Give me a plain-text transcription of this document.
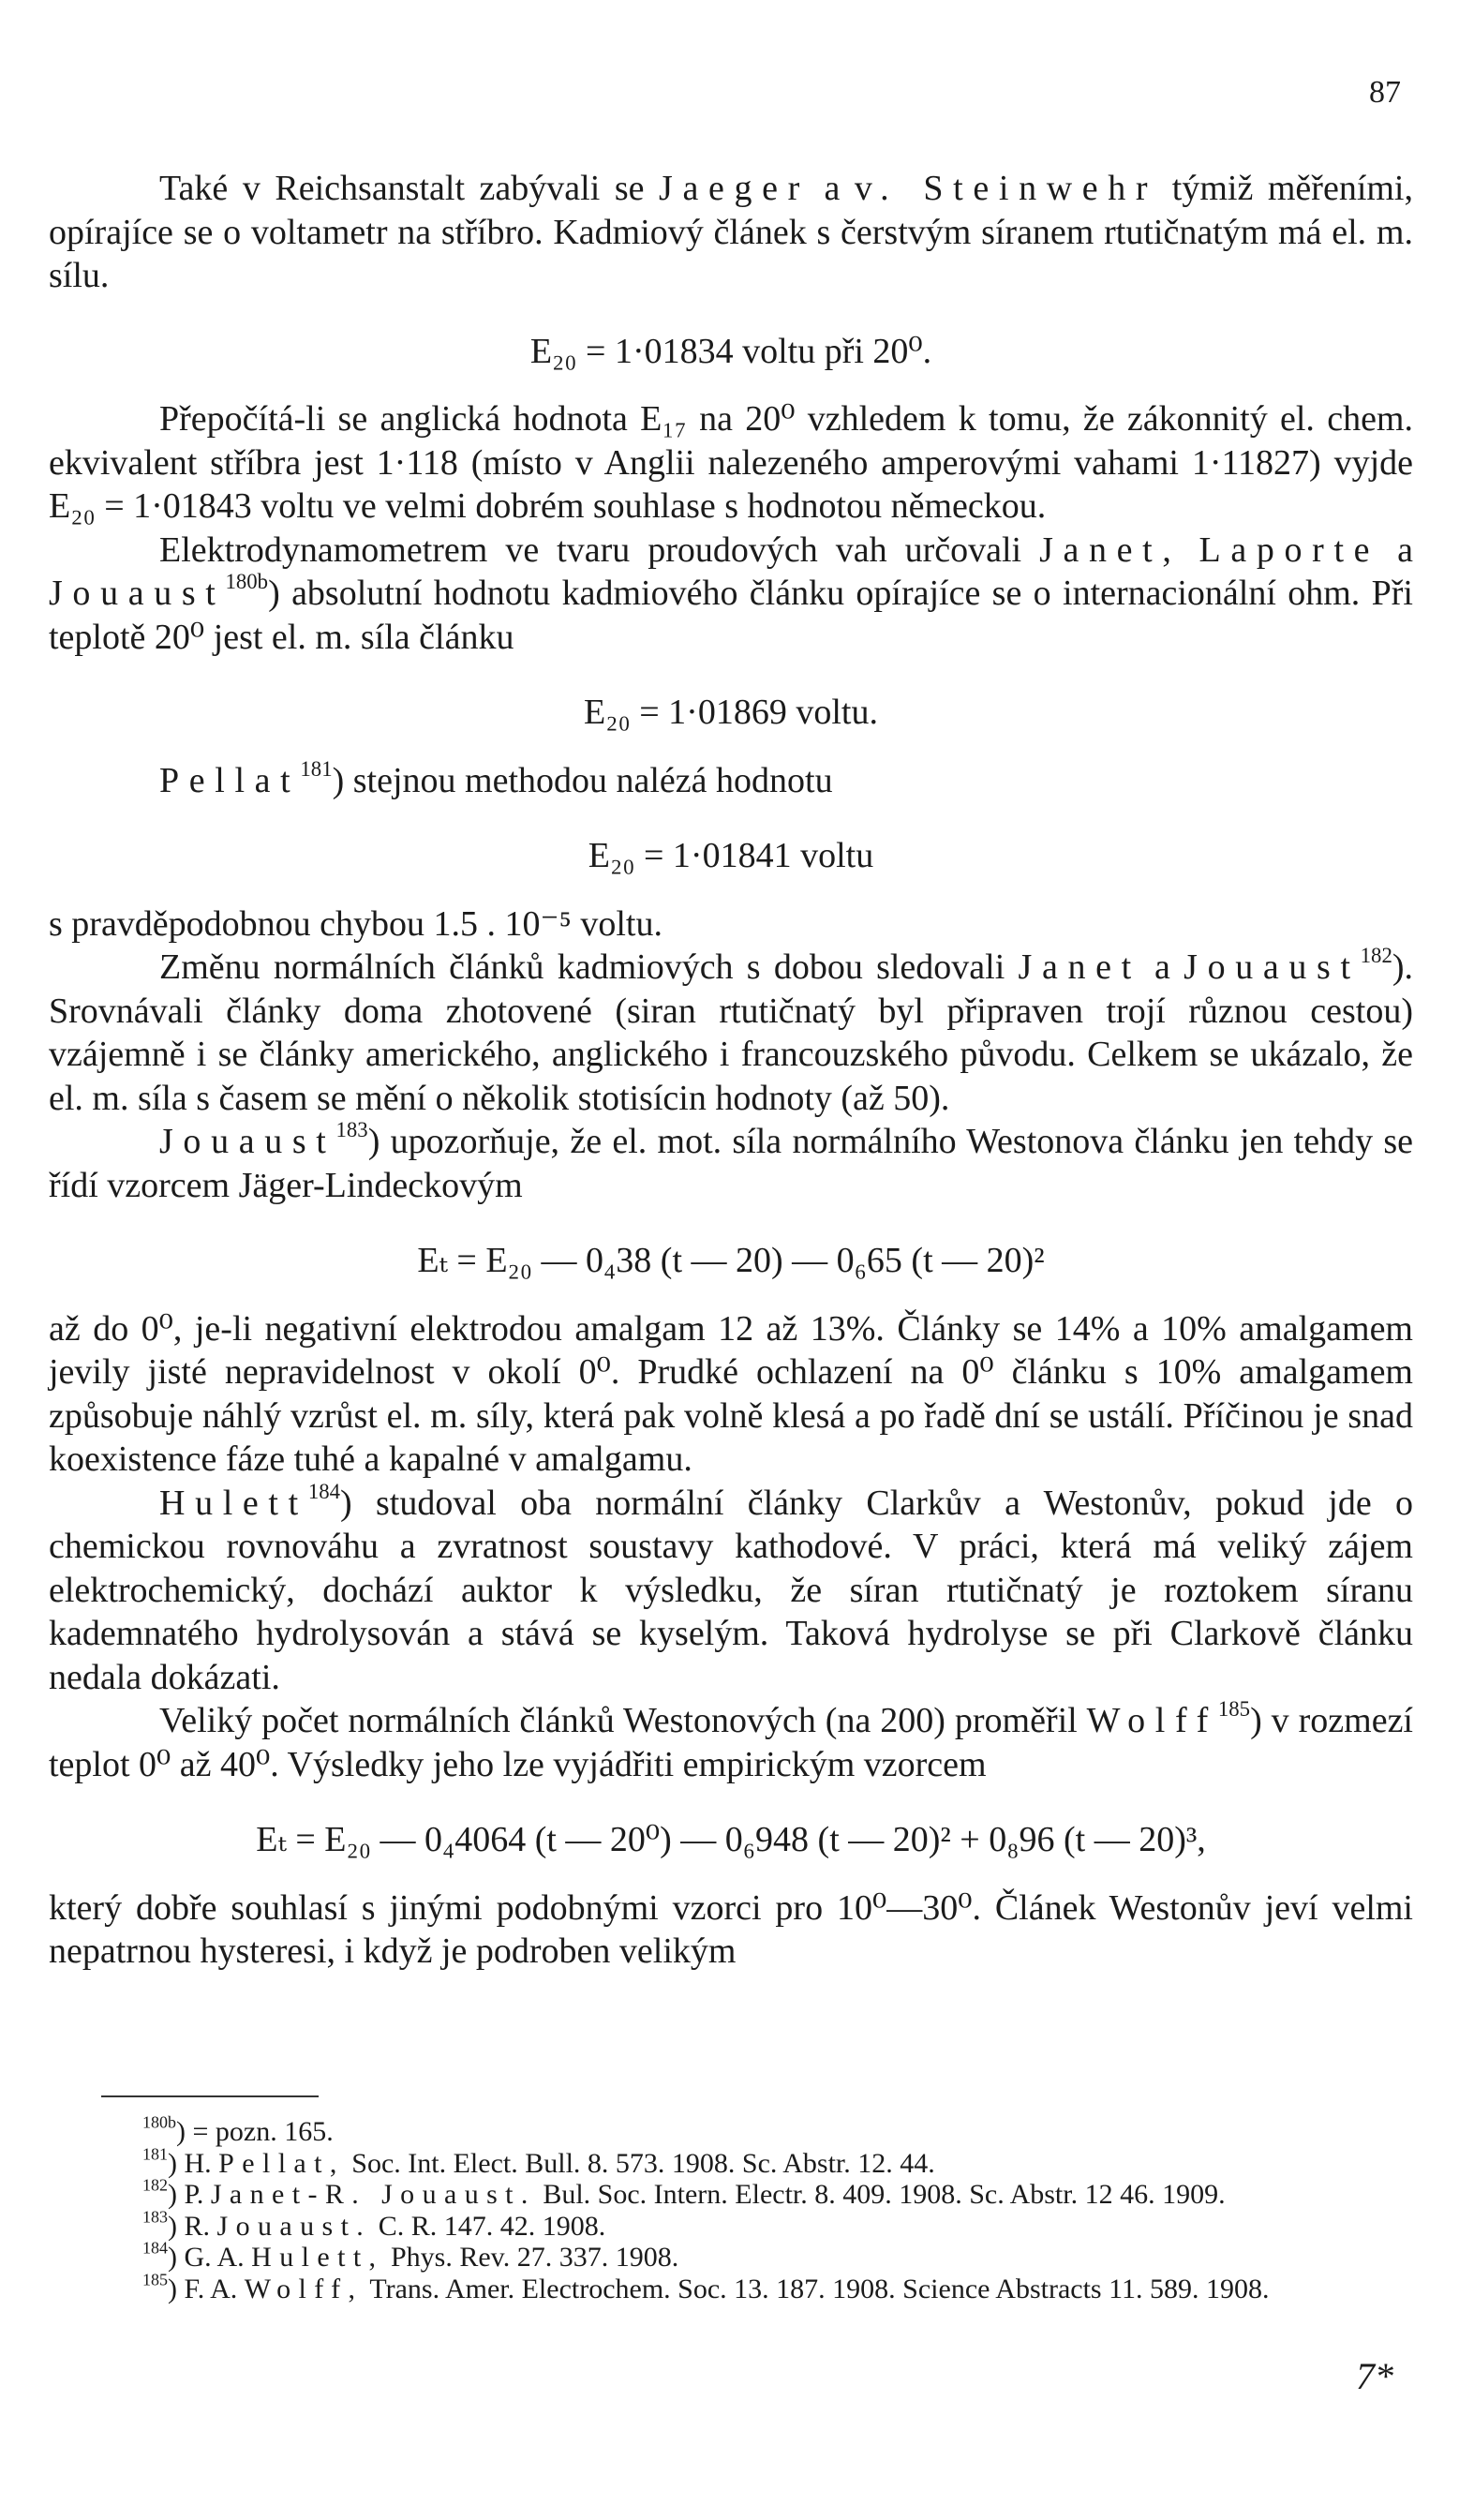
87

Také v Reichsanstalt zabývali se Jaeger a v. Steinwehr týmiž měřeními, opírajíce se o voltametr na stříbro. Kadmiový článek s čerstvým síranem rtutičnatým má el. m. sílu.

E₂₀ = 1·01834 voltu při 20⁰.

Přepočítá-li se anglická hodnota E₁₇ na 20⁰ vzhledem k tomu, že zákonnitý el. chem. ekvivalent stříbra jest 1·118 (místo v Anglii nalezeného amperovými vahami 1·11827) vyjde E₂₀ = 1·01843 voltu ve velmi dobrém souhlase s hodnotou německou.

Elektrodynamometrem ve tvaru proudových vah určovali Janet, Laporte a Jouaust$^{180b}$) absolutní hodnotu kadmiového článku opírajíce se o internacionální ohm. Při teplotě 20⁰ jest el. m. síla článku

E₂₀ = 1·01869 voltu.

Pellat$^{181}$) stejnou methodou nalézá hodnotu

E₂₀ = 1·01841 voltu

s pravděpodobnou chybou 1.5 . 10⁻⁵ voltu.

Změnu normálních článků kadmiových s dobou sledovali Janet a Jouaust$^{182}$). Srovnávali články doma zhotovené (siran rtutičnatý byl připraven trojí různou cestou) vzájemně i se články amerického, anglického i francouzského původu. Celkem se ukázalo, že el. m. síla s časem se mění o několik stotisícin hodnoty (až 50).

Jouaust$^{183}$) upozorňuje, že el. mot. síla normálního Westonova článku jen tehdy se řídí vzorcem Jäger-Lindeckovým

Eₜ = E₂₀ — 0₄38 (t — 20) — 0₆65 (t — 20)²

až do 0⁰, je-li negativní elektrodou amalgam 12 až 13%. Články se 14% a 10% amalgamem jevily jisté nepravidelnost v okolí 0⁰. Prudké ochlazení na 0⁰ článku s 10% amalgamem způsobuje náhlý vzrůst el. m. síly, která pak volně klesá a po řadě dní se ustálí. Příčinou je snad koexistence fáze tuhé a kapalné v amalgamu.

Hulett$^{184}$) studoval oba normální články Clarkův a Westonův, pokud jde o chemickou rovnováhu a zvratnost soustavy kathodové. V práci, která má veliký zájem elektrochemický, dochází auktor k výsledku, že síran rtutičnatý je roztokem síranu kademnatého hydrolysován a stává se kyselým. Taková hydrolyse se při Clarkově článku nedala dokázati.

Veliký počet normálních článků Westonových (na 200) proměřil Wolff$^{185}$) v rozmezí teplot 0⁰ až 40⁰. Výsledky jeho lze vyjádřiti empirickým vzorcem

Eₜ = E₂₀ — 0₄4064 (t — 20⁰) — 0₆948 (t — 20)² + 0₈96 (t — 20)³,

který dobře souhlasí s jinými podobnými vzorci pro 10⁰—30⁰. Článek Westonův jeví velmi nepatrnou hysteresi, i když je podroben velikým

$^{180b}$) = pozn. 165.

$^{181}$) H. Pellat, Soc. Int. Elect. Bull. 8. 573. 1908. Sc. Abstr. 12. 44.

$^{182}$) P. Janet-R. Jouaust. Bul. Soc. Intern. Electr. 8. 409. 1908. Sc. Abstr. 12 46. 1909.

$^{183}$) R. Jouaust. C. R. 147. 42. 1908.

$^{184}$) G. A. Hulett, Phys. Rev. 27. 337. 1908.

$^{185}$) F. A. Wolff, Trans. Amer. Electrochem. Soc. 13. 187. 1908. Science Abstracts 11. 589. 1908.

7*
